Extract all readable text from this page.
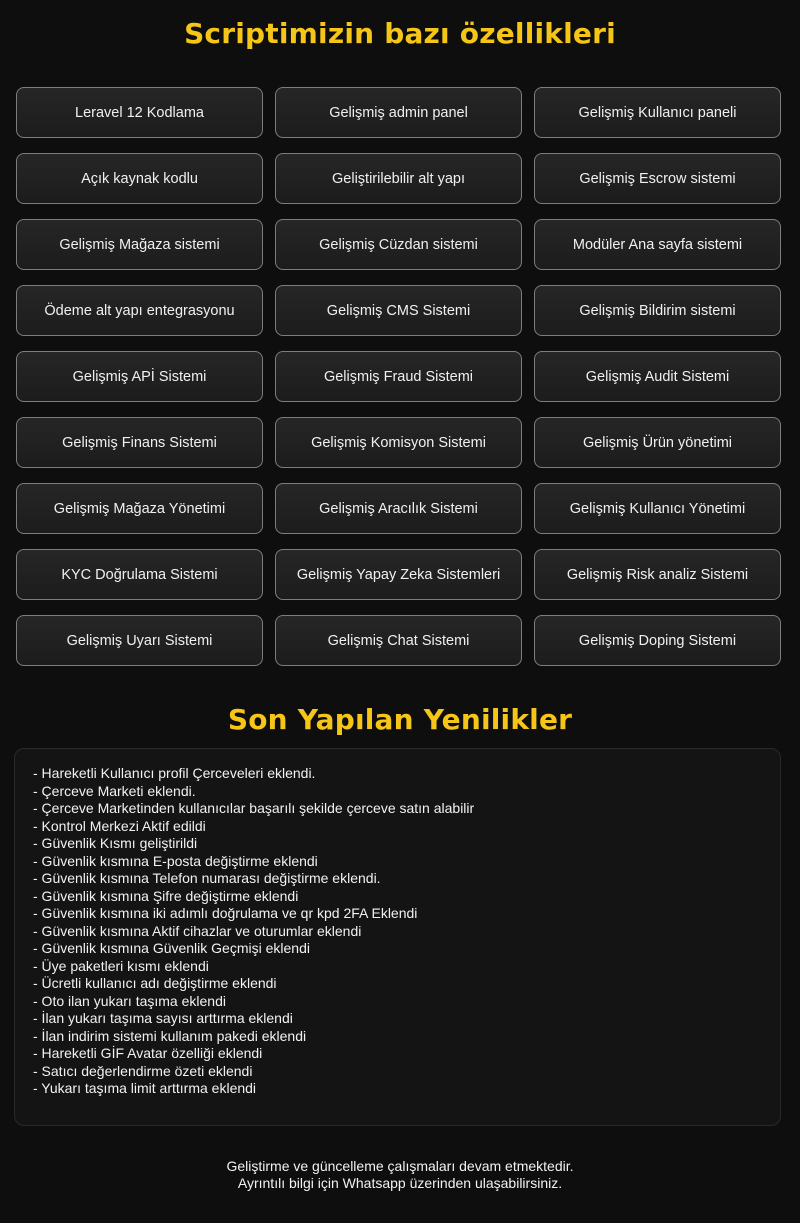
Scriptimizin bazı özellikleri
Leravel 12 Kodlama	Gelişmiş admin panel	Gelişmiş Kullanıcı paneli
Açık kaynak kodlu	Geliştirilebilir alt yapı	Gelişmiş Escrow sistemi
Gelişmiş Mağaza sistemi	Gelişmiş Cüzdan sistemi	Modüler Ana sayfa sistemi
Ödeme alt yapı entegrasyonu	Gelişmiş CMS Sistemi	Gelişmiş Bildirim sistemi
Gelişmiş APİ Sistemi	Gelişmiş Fraud Sistemi	Gelişmiş Audit Sistemi
Gelişmiş Finans Sistemi	Gelişmiş Komisyon Sistemi	Gelişmiş Ürün yönetimi
Gelişmiş Mağaza Yönetimi	Gelişmiş Aracılık Sistemi	Gelişmiş Kullanıcı Yönetimi
KYC Doğrulama Sistemi	Gelişmiş Yapay Zeka Sistemleri	Gelişmiş Risk analiz Sistemi
Gelişmiş Uyarı Sistemi	Gelişmiş Chat Sistemi	Gelişmiş Doping Sistemi
Son Yapılan Yenilikler
- Hareketli Kullanıcı profil Çerceveleri eklendi.
- Çerceve Marketi eklendi.
- Çerceve Marketinden kullanıcılar başarılı şekilde çerceve satın alabilir
- Kontrol Merkezi Aktif edildi
- Güvenlik Kısmı geliştirildi
- Güvenlik kısmına E-posta değiştirme eklendi
- Güvenlik kısmına Telefon numarası değiştirme eklendi.
- Güvenlik kısmına Şifre değiştirme eklendi
- Güvenlik kısmına iki adımlı doğrulama ve qr kpd 2FA Eklendi
- Güvenlik kısmına Aktif cihazlar ve oturumlar eklendi
- Güvenlik kısmına Güvenlik Geçmişi eklendi
- Üye paketleri kısmı eklendi
- Ücretli kullanıcı adı değiştirme eklendi
- Oto ilan yukarı taşıma eklendi
- İlan yukarı taşıma sayısı arttırma eklendi
- İlan indirim sistemi kullanım pakedi eklendi
- Hareketli GİF Avatar özelliği eklendi
- Satıcı değerlendirme özeti eklendi
- Yukarı taşıma limit arttırma eklendi
Geliştirme ve güncelleme çalışmaları devam etmektedir.
Ayrıntılı bilgi için Whatsapp üzerinden ulaşabilirsiniz.
